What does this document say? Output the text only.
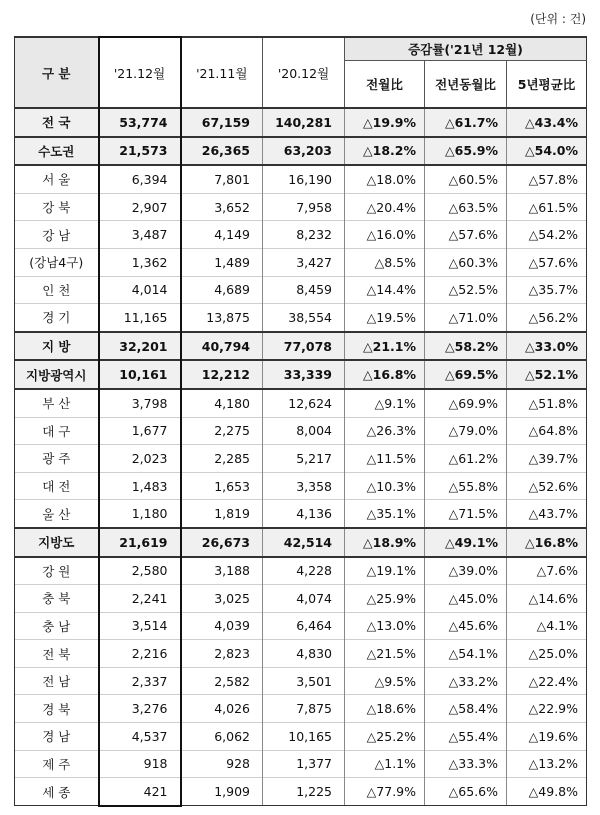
(단위 : 건)
구 분	'21.12월	'21.11월	'20.12월	증감률('21년 12월)		
				전월比	전년동월比	5년평균比
전 국	53,774	67,159	140,281	△19.9%	△61.7%	△43.4%
수도권	21,573	26,365	63,203	△18.2%	△65.9%	△54.0%
서 울	6,394	7,801	16,190	△18.0%	△60.5%	△57.8%
강 북	2,907	3,652	7,958	△20.4%	△63.5%	△61.5%
강 남	3,487	4,149	8,232	△16.0%	△57.6%	△54.2%
(강남4구)	1,362	1,489	3,427	△8.5%	△60.3%	△57.6%
인 천	4,014	4,689	8,459	△14.4%	△52.5%	△35.7%
경 기	11,165	13,875	38,554	△19.5%	△71.0%	△56.2%
지 방	32,201	40,794	77,078	△21.1%	△58.2%	△33.0%
지방광역시	10,161	12,212	33,339	△16.8%	△69.5%	△52.1%
부 산	3,798	4,180	12,624	△9.1%	△69.9%	△51.8%
대 구	1,677	2,275	8,004	△26.3%	△79.0%	△64.8%
광 주	2,023	2,285	5,217	△11.5%	△61.2%	△39.7%
대 전	1,483	1,653	3,358	△10.3%	△55.8%	△52.6%
울 산	1,180	1,819	4,136	△35.1%	△71.5%	△43.7%
지방도	21,619	26,673	42,514	△18.9%	△49.1%	△16.8%
강 원	2,580	3,188	4,228	△19.1%	△39.0%	△7.6%
충 북	2,241	3,025	4,074	△25.9%	△45.0%	△14.6%
충 남	3,514	4,039	6,464	△13.0%	△45.6%	△4.1%
전 북	2,216	2,823	4,830	△21.5%	△54.1%	△25.0%
전 남	2,337	2,582	3,501	△9.5%	△33.2%	△22.4%
경 북	3,276	4,026	7,875	△18.6%	△58.4%	△22.9%
경 남	4,537	6,062	10,165	△25.2%	△55.4%	△19.6%
제 주	918	928	1,377	△1.1%	△33.3%	△13.2%
세 종	421	1,909	1,225	△77.9%	△65.6%	△49.8%
